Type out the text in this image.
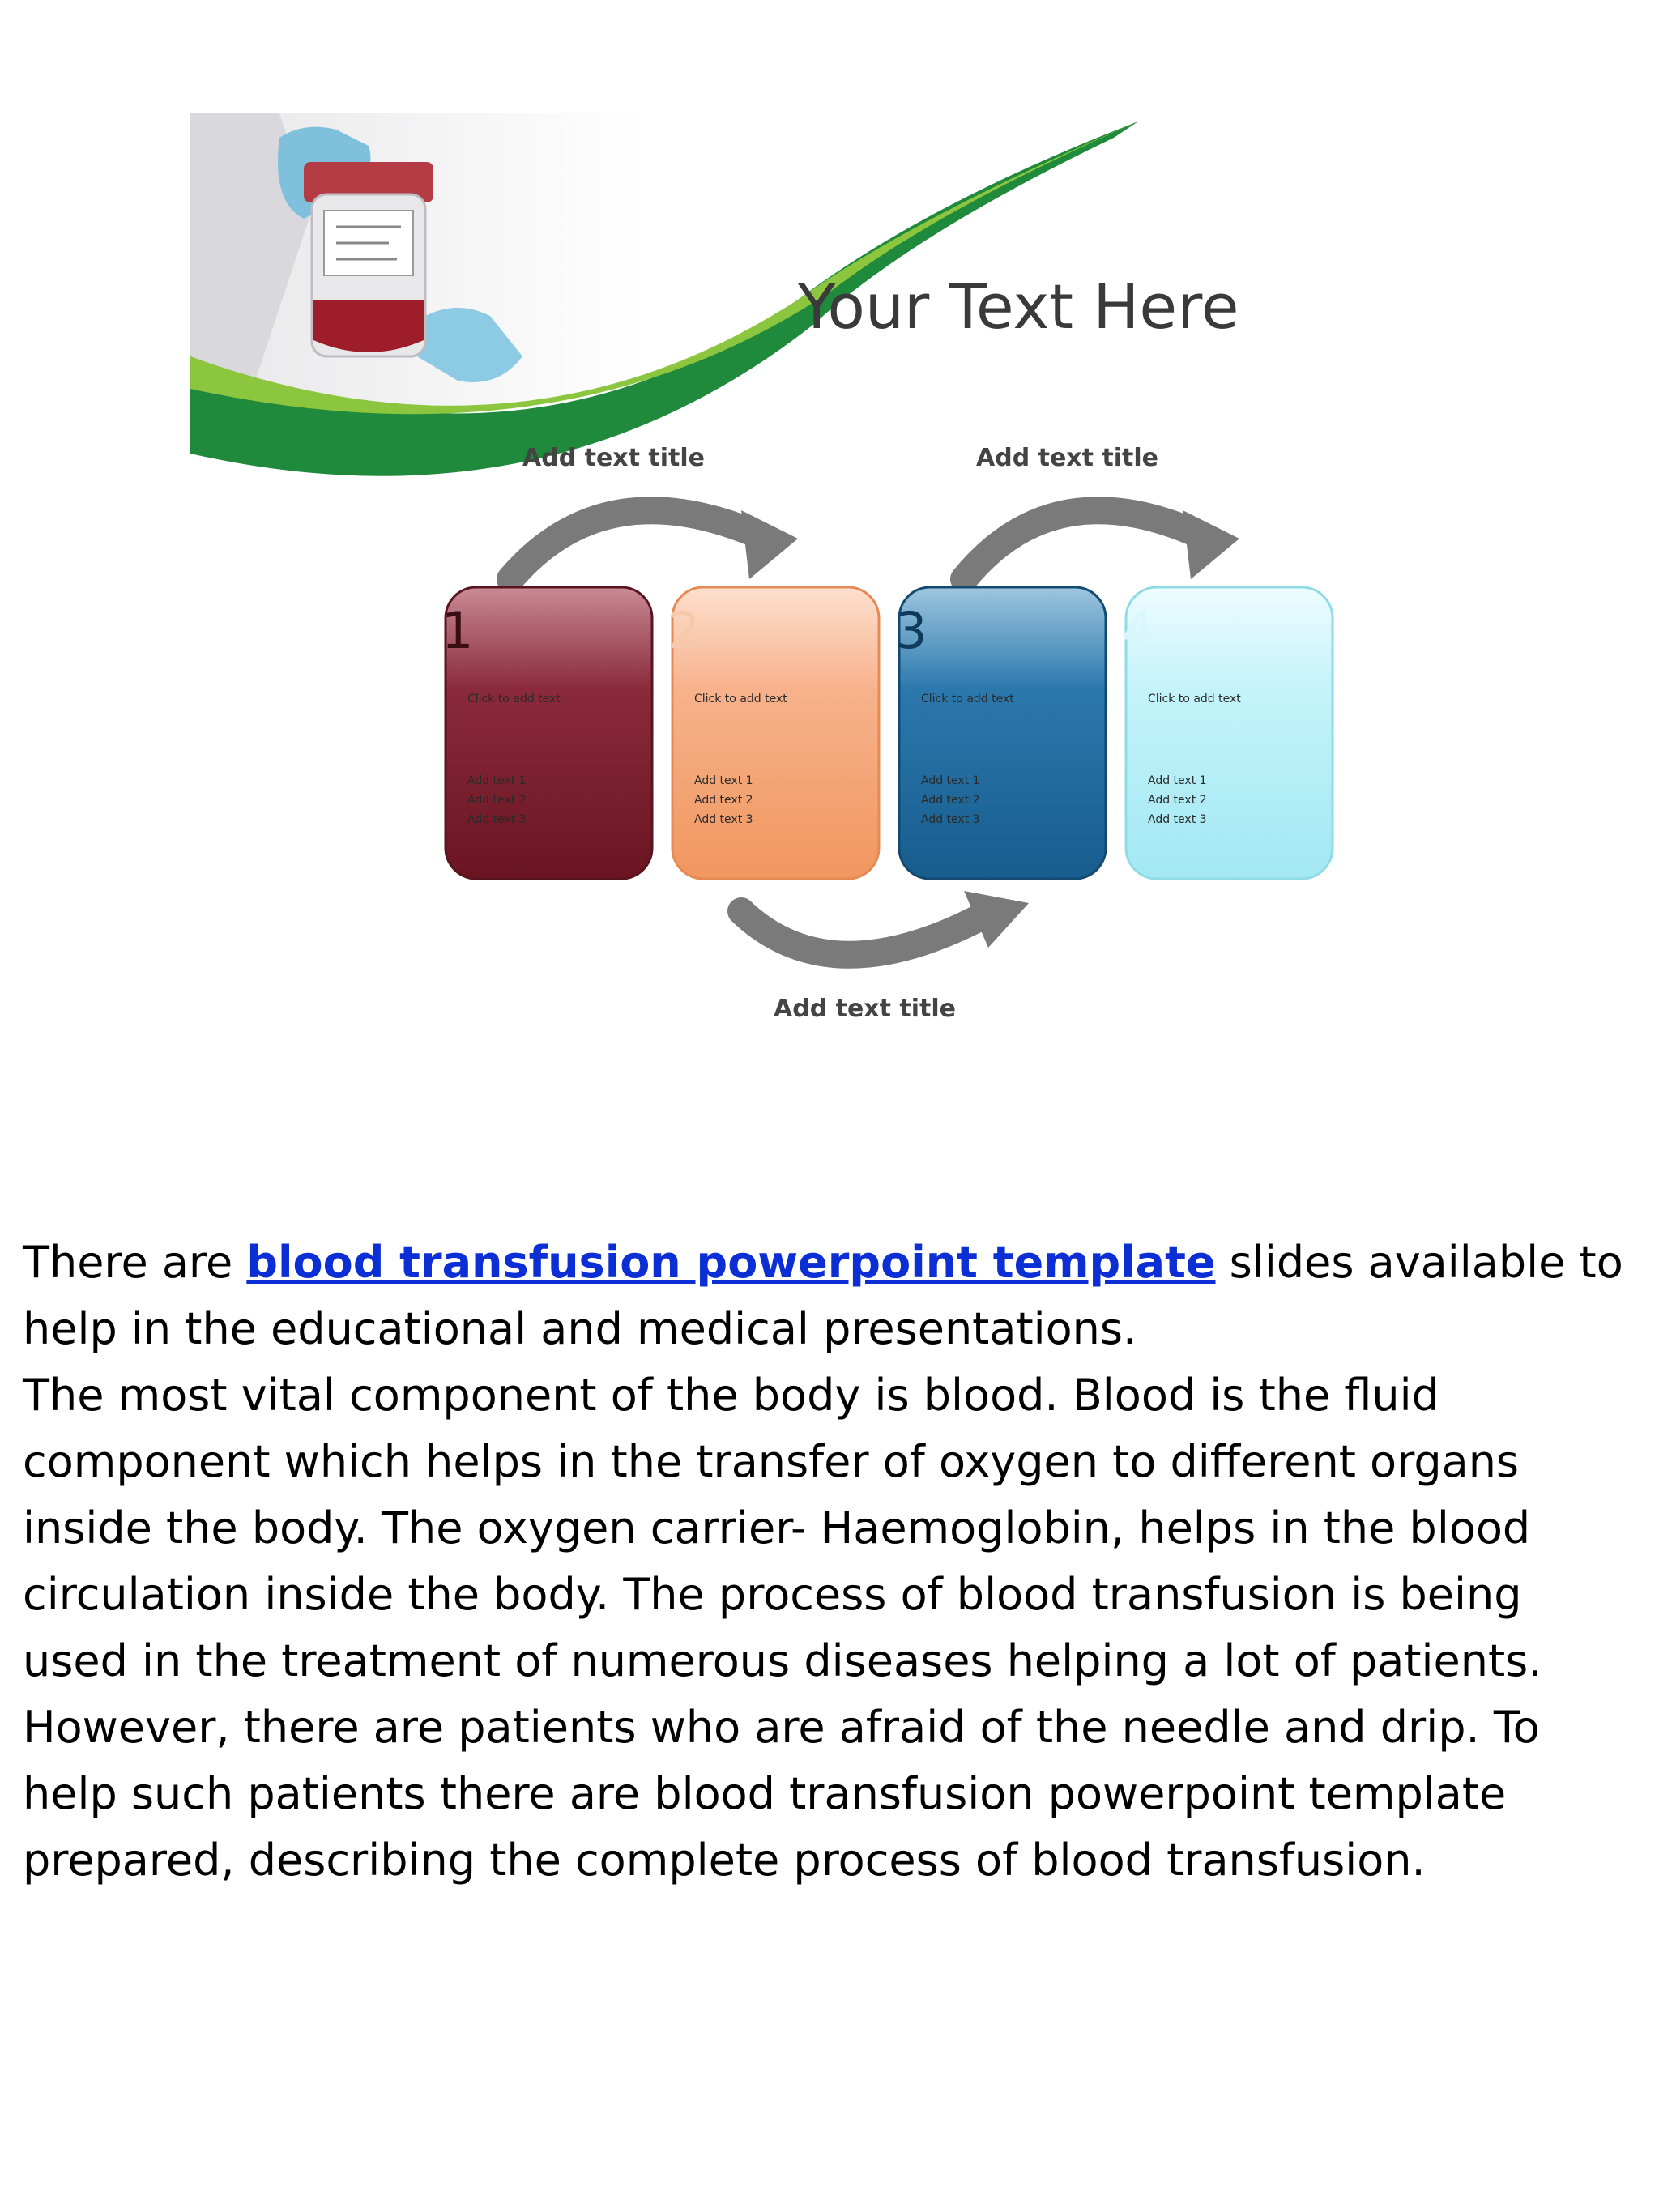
Your Text Here
Add text title	Add text title
Add text title
1
Click to add text
Add text 1
Add text 2
Add text 3
2
Click to add text
Add text 1
Add text 2
Add text 3
3
Click to add text
Add text 1
Add text 2
Add text 3
4
Click to add text
Add text 1
Add text 2
Add text 3

There are blood transfusion powerpoint template slides available to help in the educational and medical presentations.

The most vital component of the body is blood. Blood is the fluid component which helps in the transfer of oxygen to different organs inside the body. The oxygen carrier- Haemoglobin, helps in the blood circulation inside the body. The process of blood transfusion is being used in the treatment of numerous diseases helping a lot of patients. However, there are patients who are afraid of the needle and drip. To help such patients there are blood transfusion powerpoint template prepared, describing the complete process of blood transfusion.
